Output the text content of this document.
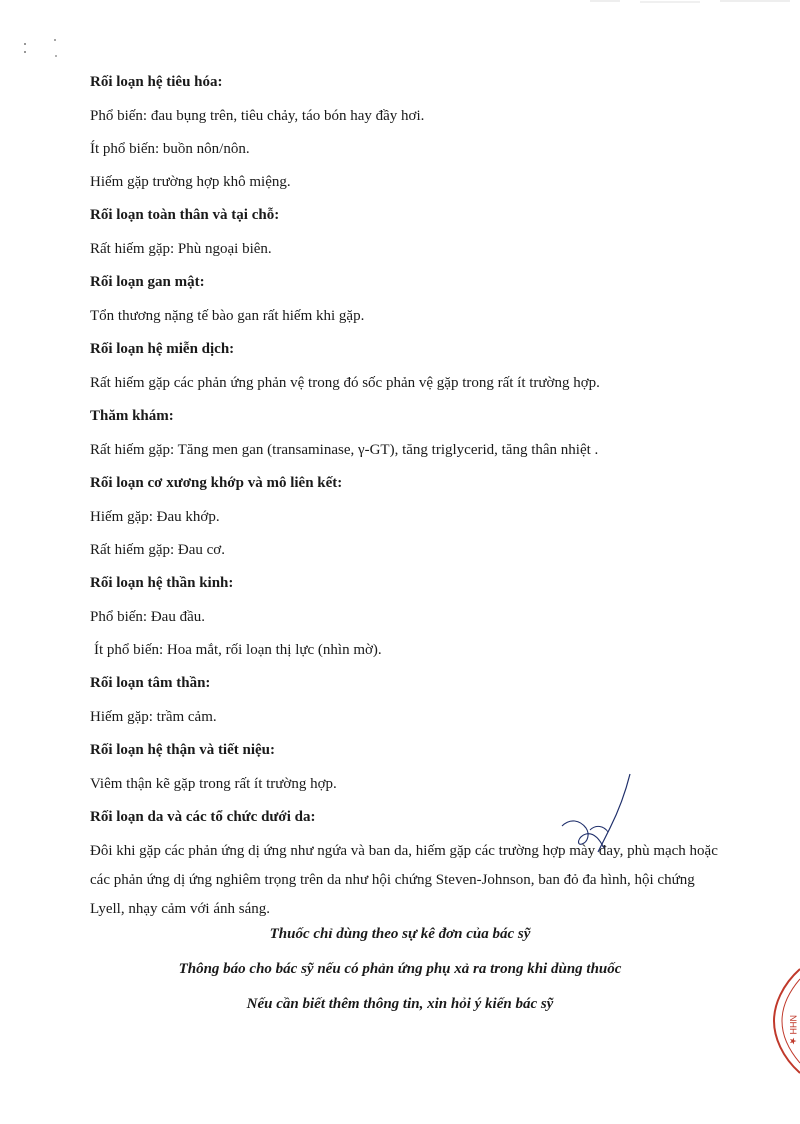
Rối loạn hệ tiêu hóa:

Phổ biến: đau bụng trên, tiêu chảy, táo bón hay đầy hơi.

Ít phổ biến: buồn nôn/nôn.

Hiếm gặp trường hợp khô miệng.

Rối loạn toàn thân và tại chỗ:

Rất hiếm gặp: Phù ngoại biên.

Rối loạn gan mật:

Tổn thương nặng tế bào gan rất hiếm khi gặp.

Rối loạn hệ miễn dịch:

Rất hiếm gặp các phản ứng phản vệ trong đó sốc phản vệ gặp trong rất ít trường hợp.

Thăm khám:

Rất hiếm gặp: Tăng men gan (transaminase, γ-GT), tăng triglycerid, tăng thân nhiệt .

Rối loạn cơ xương khớp và mô liên kết:

Hiếm gặp: Đau khớp.

Rất hiếm gặp: Đau cơ.

Rối loạn hệ thần kinh:

Phổ biến: Đau đầu.

Ít phổ biến: Hoa mắt, rối loạn thị lực (nhìn mờ).

Rối loạn tâm thần:

Hiếm gặp: trầm cảm.

Rối loạn hệ thận và tiết niệu:

Viêm thận kẽ gặp trong rất ít trường hợp.

Rối loạn da và các tổ chức dưới da:

Đôi khi gặp các phản ứng dị ứng như ngứa và ban da, hiếm gặp các trường hợp mày đay, phù mạch hoặc các phản ứng dị ứng nghiêm trọng trên da như hội chứng Steven-Johnson, ban đỏ đa hình, hội chứng Lyell, nhạy cảm với ánh sáng.

Thuốc chỉ dùng theo sự kê đơn của bác sỹ

Thông báo cho bác sỹ nếu có phản ứng phụ xả ra trong khi dùng thuốc

Nếu cần biết thêm thông tin, xin hỏi ý kiến bác sỹ

NHH ★
